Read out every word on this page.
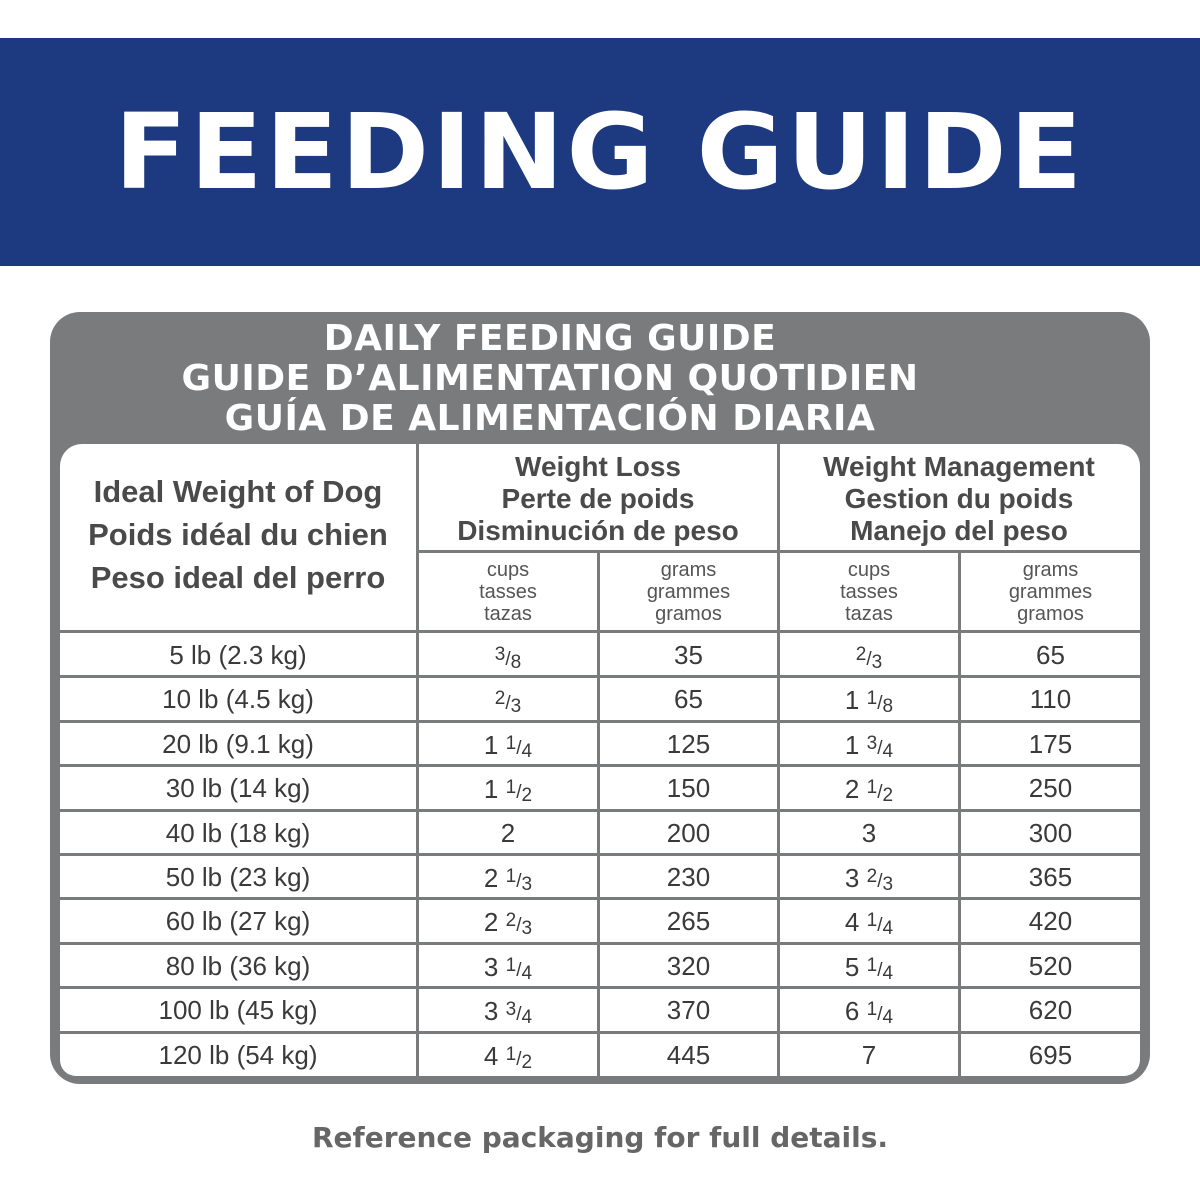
FEEDING GUIDE
DAILY FEEDING GUIDE
GUIDE D’ALIMENTATION QUOTIDIEN
GUÍA DE ALIMENTACIÓN DIARIA
Ideal Weight of Dog
Poids idéal du chien
Peso ideal del perro
Weight Loss
Perte de poids
Disminución de peso
Weight Management
Gestion du poids
Manejo del peso
cups
tasses
tazas
grams
grammes
gramos
cups
tasses
tazas
grams
grammes
gramos
5 lb (2.3 kg)	3/8	35	2/3	65
10 lb (4.5 kg)	2/3	65	1 1/8	110
20 lb (9.1 kg)	1 1/4	125	1 3/4	175
30 lb (14 kg)	1 1/2	150	2 1/2	250
40 lb (18 kg)	2	200	3	300
50 lb (23 kg)	2 1/3	230	3 2/3	365
60 lb (27 kg)	2 2/3	265	4 1/4	420
80 lb (36 kg)	3 1/4	320	5 1/4	520
100 lb (45 kg)	3 3/4	370	6 1/4	620
120 lb (54 kg)	4 1/2	445	7	695
Reference packaging for full details.
